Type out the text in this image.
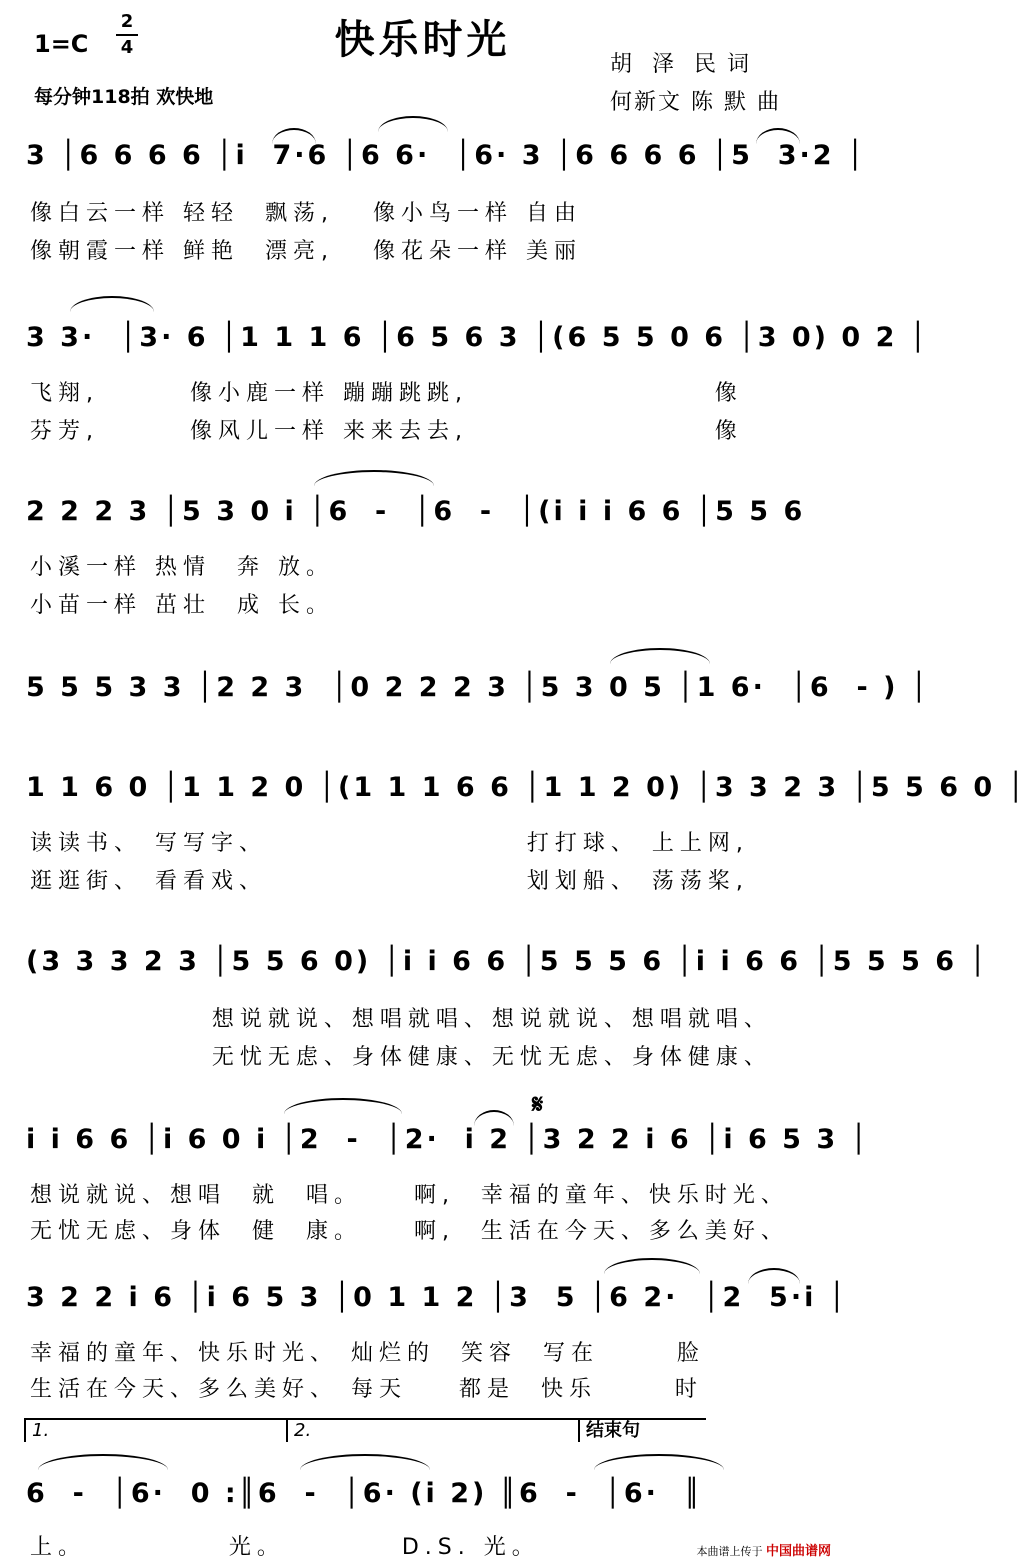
快乐时光
1=C
2
4
每分钟118拍 欢快地
胡  泽  民 词
何新文 陈 默 曲
3 │6 6 6 6 │i  7·6 │6 6·  │6· 3 │6 6 6 6 │5  3·2 │
像白云一样 轻轻  飘荡,   像小鸟一样 自由
像朝霞一样 鲜艳  漂亮,   像花朵一样 美丽
3 3·  │3· 6 │1 1 1 6 │6 5 6 3 │(6 5 5 0 6 │3 0) 0 2 │
飞翔,       像小鹿一样 蹦蹦跳跳,                   像
芬芳,       像风儿一样 来来去去,                   像
2 2 2 3 │5 3 0 i │6  -  │6  -  │(i i i 6 6 │5 5 6
小溪一样 热情  奔 放。
小苗一样 茁壮  成 长。
5 5 5 3 3 │2 2 3  │0 2 2 2 3 │5 3 0 5 │1 6·  │6  - ) │
1 1 6 0 │1 1 2 0 │(1 1 1 6 6 │1 1 2 0) │3 3 2 3 │5 5 6 0 │
读读书、 写写字、                    打打球、 上上网,
逛逛街、 看看戏、                    划划船、 荡荡桨,
(3 3 3 2 3 │5 5 6 0) │i i 6 6 │5 5 5 6 │i i 6 6 │5 5 5 6 │
想说就说、想唱就唱、想说就说、想唱就唱、
无忧无虑、身体健康、无忧无虑、身体健康、
𝄋
i i 6 6 │i 6 0 i │2  -  │2·  i 2 │3 2 2 i 6 │i 6 5 3 │
想说就说、想唱  就  唱。    啊,  幸福的童年、快乐时光、
无忧无虑、身体  健  康。    啊,  生活在今天、多么美好、
3 2 2 i 6 │i 6 5 3 │0 1 1 2 │3  5 │6 2·  │2  5·i │
幸福的童年、快乐时光、 灿烂的  笑容  写在      脸
生活在今天、多么美好、 每天    都是  快乐      时
1.	2.	结束句
6  -  │6·  0 :║6  -  │6· (i 2) ║6  -  │6·  ║
上。           光。         D.S. 光。	本曲谱上传于 中国曲谱网
